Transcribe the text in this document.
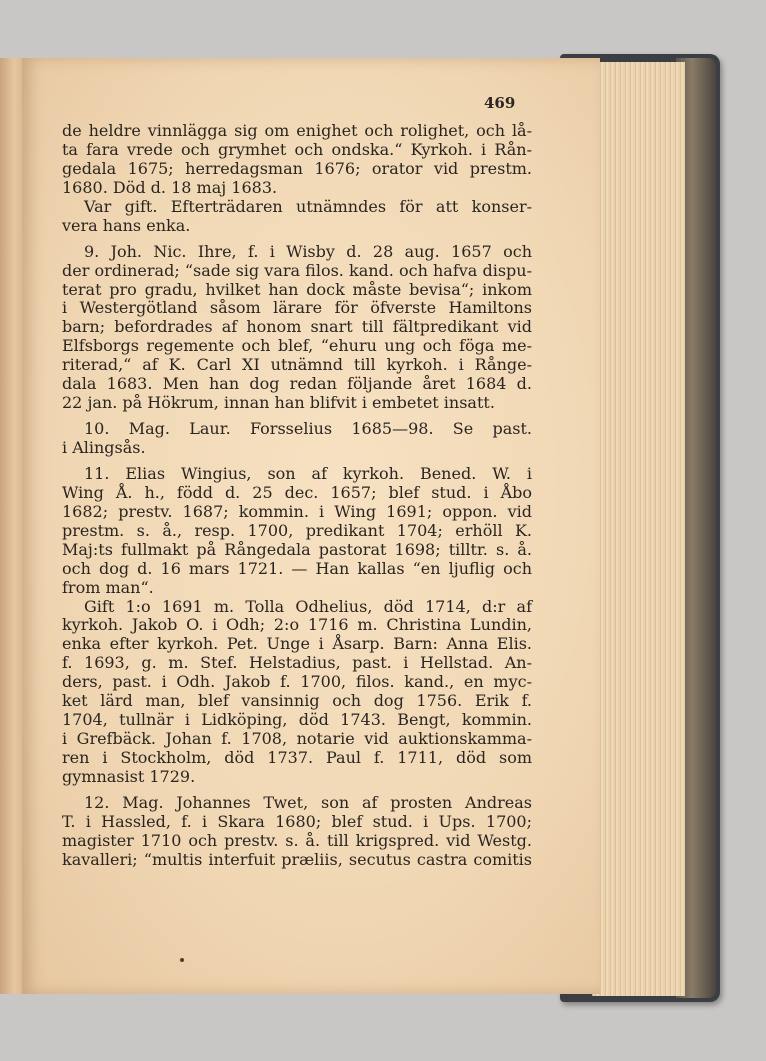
469
de heldre vinnlägga sig om enighet och rolighet, och lå-
ta fara vrede och grymhet och ondska.“ Kyrkoh. i Rån-
gedala 1675; herredagsman 1676; orator vid prestm.
1680. Död d. 18 maj 1683.
Var gift. Efterträdaren utnämndes för att konser-
vera hans enka.
9. Joh. Nic. Ihre, f. i Wisby d. 28 aug. 1657 och
der ordinerad; “sade sig vara filos. kand. och hafva dispu-
terat pro gradu, hvilket han dock måste bevisa“; inkom
i Westergötland såsom lärare för öfverste Hamiltons
barn; befordrades af honom snart till fältpredikant vid
Elfsborgs regemente och blef, “ehuru ung och föga me-
riterad,“ af K. Carl XI utnämnd till kyrkoh. i Rånge-
dala 1683. Men han dog redan följande året 1684 d.
22 jan. på Hökrum, innan han blifvit i embetet insatt.
10. Mag. Laur. Forsselius 1685—98. Se past.
i Alingsås.
11. Elias Wingius, son af kyrkoh. Bened. W. i
Wing Å. h., född d. 25 dec. 1657; blef stud. i Åbo
1682; prestv. 1687; kommin. i Wing 1691; oppon. vid
prestm. s. å., resp. 1700, predikant 1704; erhöll K.
Maj:ts fullmakt på Rångedala pastorat 1698; tilltr. s. å.
och dog d. 16 mars 1721. — Han kallas “en ljuflig och
from man“.
Gift 1:o 1691 m. Tolla Odhelius, död 1714, d:r af
kyrkoh. Jakob O. i Odh; 2:o 1716 m. Christina Lundin,
enka efter kyrkoh. Pet. Unge i Åsarp. Barn: Anna Elis.
f. 1693, g. m. Stef. Helstadius, past. i Hellstad. An-
ders, past. i Odh. Jakob f. 1700, filos. kand., en myc-
ket lärd man, blef vansinnig och dog 1756. Erik f.
1704, tullnär i Lidköping, död 1743. Bengt, kommin.
i Grefbäck. Johan f. 1708, notarie vid auktionskamma-
ren i Stockholm, död 1737. Paul f. 1711, död som
gymnasist 1729.
12. Mag. Johannes Twet, son af prosten Andreas
T. i Hassled, f. i Skara 1680; blef stud. i Ups. 1700;
magister 1710 och prestv. s. å. till krigspred. vid Westg.
kavalleri; “multis interfuit præliis, secutus castra comitis
